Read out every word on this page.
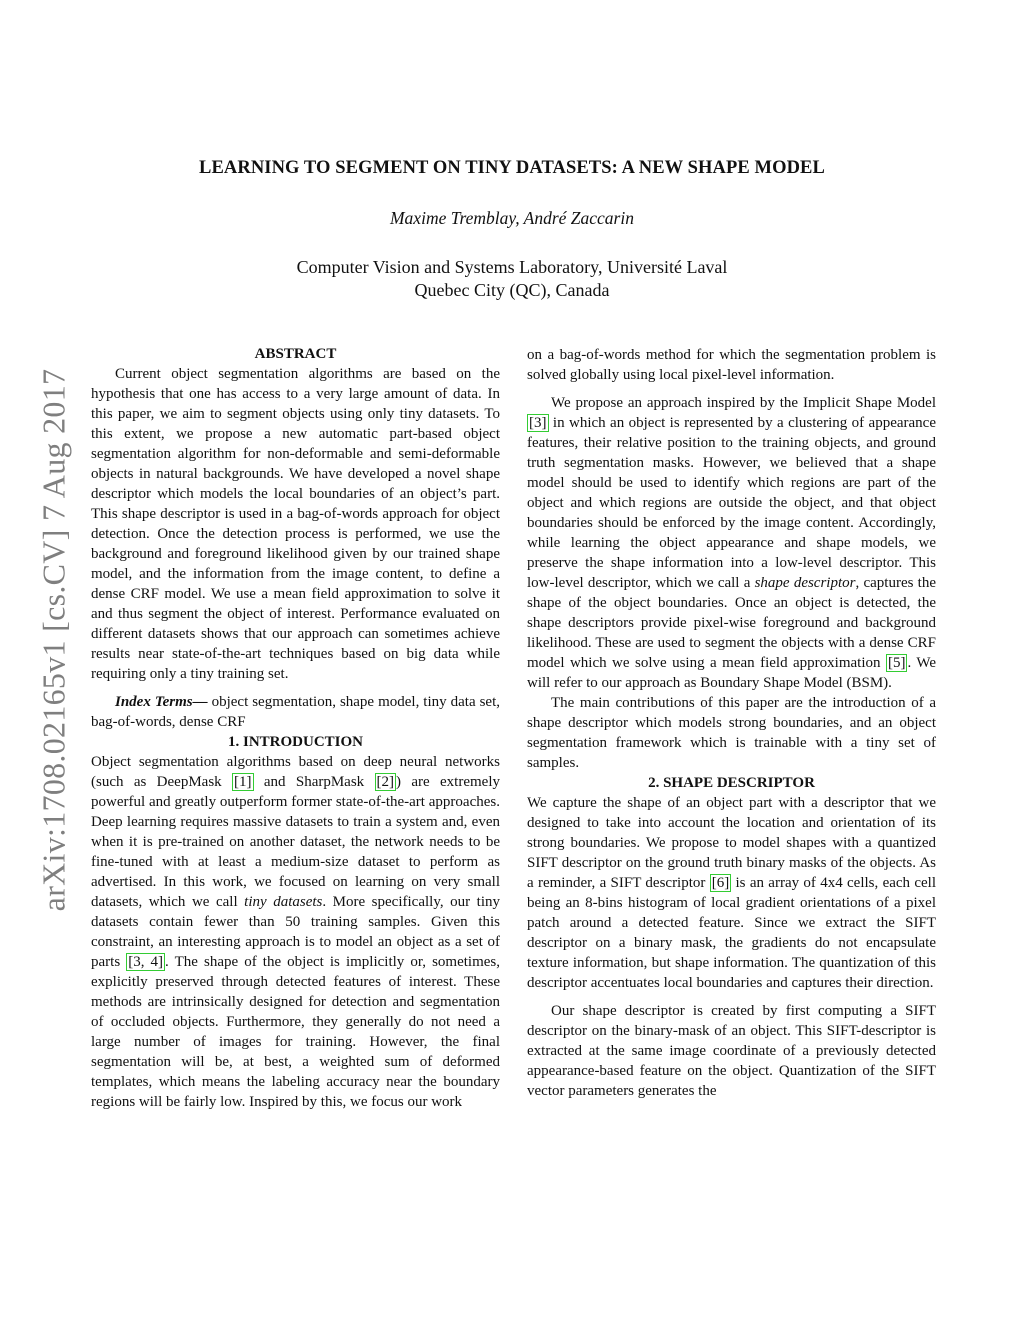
arXiv:1708.02165v1 [cs.CV] 7 Aug 2017
LEARNING TO SEGMENT ON TINY DATASETS: A NEW SHAPE MODEL
Maxime Tremblay, André Zaccarin
Computer Vision and Systems Laboratory, Université Laval
Quebec City (QC), Canada

ABSTRACT

Current object segmentation algorithms are based on the hypothesis that one has access to a very large amount of data. In this paper, we aim to segment objects using only tiny datasets. To this extent, we propose a new automatic part-based object segmentation algorithm for non-deformable and semi-deformable objects in natural backgrounds. We have developed a novel shape descriptor which models the local boundaries of an object’s part. This shape descriptor is used in a bag-of-words approach for object detection. Once the detection process is performed, we use the background and foreground likelihood given by our trained shape model, and the information from the image content, to define a dense CRF model. We use a mean field approximation to solve it and thus segment the object of interest. Performance evaluated on different datasets shows that our approach can sometimes achieve results near state-of-the-art techniques based on big data while requiring only a tiny training set.

Index Terms— object segmentation, shape model, tiny data set, bag-of-words, dense CRF

1. INTRODUCTION

Object segmentation algorithms based on deep neural networks (such as DeepMask [1] and SharpMask [2] ) are extremely powerful and greatly outperform former state-of-the-art approaches. Deep learning requires massive datasets to train a system and, even when it is pre-trained on another dataset, the network needs to be fine-tuned with at least a medium-size dataset to perform as advertised. In this work, we focused on learning on very small datasets, which we call tiny datasets. More specifically, our tiny datasets contain fewer than 50 training samples. Given this constraint, an interesting approach is to model an object as a set of parts [3, 4] . The shape of the object is implicitly or, sometimes, explicitly preserved through detected features of interest. These methods are intrinsically designed for detection and segmentation of occluded objects. Furthermore, they generally do not need a large number of images for training. However, the final segmentation will be, at best, a weighted sum of deformed templates, which means the labeling accuracy near the boundary regions will be fairly low. Inspired by this, we focus our work

on a bag-of-words method for which the segmentation problem is solved globally using local pixel-level information.

We propose an approach inspired by the Implicit Shape Model [3] in which an object is represented by a clustering of appearance features, their relative position to the training objects, and ground truth segmentation masks. However, we believed that a shape model should be used to identify which regions are part of the object and which regions are outside the object, and that object boundaries should be enforced by the image content. Accordingly, while learning the object appearance and shape models, we preserve the shape information into a low-level descriptor. This low-level descriptor, which we call a shape descriptor, captures the shape of the object boundaries. Once an object is detected, the shape descriptors provide pixel-wise foreground and background likelihood. These are used to segment the objects with a dense CRF model which we solve using a mean field approximation [5] . We will refer to our approach as Boundary Shape Model (BSM).

The main contributions of this paper are the introduction of a shape descriptor which models strong boundaries, and an object segmentation framework which is trainable with a tiny set of samples.

2. SHAPE DESCRIPTOR

We capture the shape of an object part with a descriptor that we designed to take into account the location and orientation of its strong boundaries. We propose to model shapes with a quantized SIFT descriptor on the ground truth binary masks of the objects. As a reminder, a SIFT descriptor [6] is an array of 4x4 cells, each cell being an 8-bins histogram of local gradient orientations of a pixel patch around a detected feature. Since we extract the SIFT descriptor on a binary mask, the gradients do not encapsulate texture information, but shape information. The quantization of this descriptor accentuates local boundaries and captures their direction.

Our shape descriptor is created by first computing a SIFT descriptor on the binary-mask of an object. This SIFT-descriptor is extracted at the same image coordinate of a previously detected appearance-based feature on the object. Quantization of the SIFT vector parameters generates the
